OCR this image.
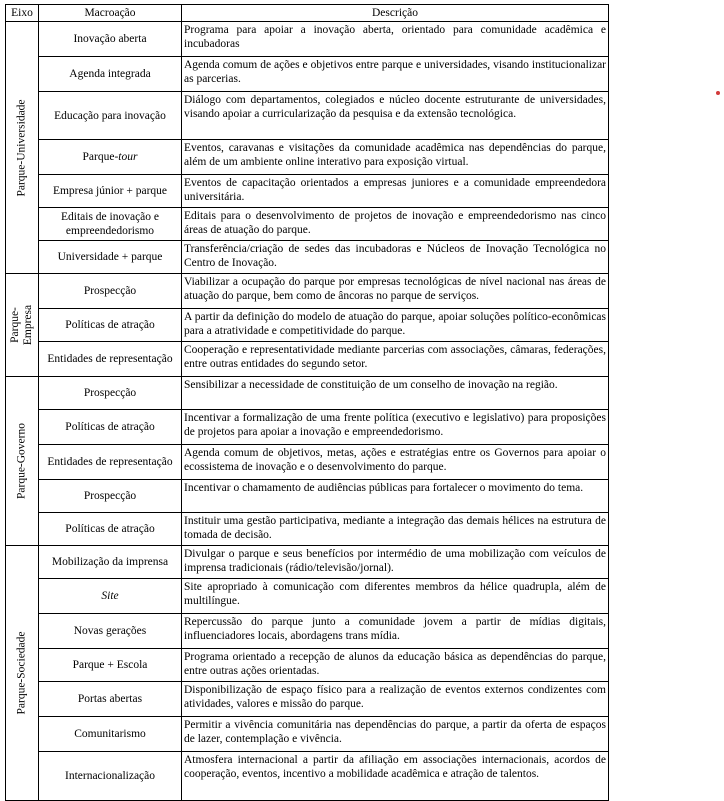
Eixo	Macroação	Descrição

Parque-Universidade	Inovação aberta	Programa para apoiar a inovação aberta, orientado para comunidade acadêmica e incubadoras
	Agenda integrada	Agenda comum de ações e objetivos entre parque e universidades, visando institucionalizar as parcerias.
	Educação para inovação	Diálogo com departamentos, colegiados e núcleo docente estruturante de universidades, visando apoiar a curricularização da pesquisa e da extensão tecnológica.
	Parque-tour	Eventos, caravanas e visitações da comunidade acadêmica nas dependências do parque, além de um ambiente online interativo para exposição virtual.
	Empresa júnior + parque	Eventos de capacitação orientados a empresas juniores e a comunidade empreendedora universitária.
	Editais de inovação e empreendedorismo	Editais para o desenvolvimento de projetos de inovação e empreendedorismo nas cinco áreas de atuação do parque.
	Universidade + parque	Transferência/criação de sedes das incubadoras e Núcleos de Inovação Tecnológica no Centro de Inovação.

Parque-
Empresa	Prospecção	Viabilizar a ocupação do parque por empresas tecnológicas de nível nacional nas áreas de atuação do parque, bem como de âncoras no parque de serviços.
	Políticas de atração	A partir da definição do modelo de atuação do parque, apoiar soluções político-econômicas para a atratividade e competitividade do parque.
	Entidades de representação	Cooperação e representatividade mediante parcerias com associações, câmaras, federações, entre outras entidades do segundo setor.

Parque-Governo	Prospecção	Sensibilizar a necessidade de constituição de um conselho de inovação na região.
	Políticas de atração	Incentivar a formalização de uma frente política (executivo e legislativo) para proposições de projetos para apoiar a inovação e empreendedorismo.
	Entidades de representação	Agenda comum de objetivos, metas, ações e estratégias entre os Governos para apoiar o ecossistema de inovação e o desenvolvimento do parque.
	Prospecção	Incentivar o chamamento de audiências públicas para fortalecer o movimento do tema.
	Políticas de atração	Instituir uma gestão participativa, mediante a integração das demais hélices na estrutura de tomada de decisão.

Parque-Sociedade	Mobilização da imprensa	Divulgar o parque e seus benefícios por intermédio de uma mobilização com veículos de imprensa tradicionais (rádio/televisão/jornal).
	Site	Site apropriado à comunicação com diferentes membros da hélice quadrupla, além de multilíngue.
	Novas gerações	Repercussão do parque junto a comunidade jovem a partir de mídias digitais, influenciadores locais, abordagens trans mídia.
	Parque + Escola	Programa orientado a recepção de alunos da educação básica as dependências do parque, entre outras ações orientadas.
	Portas abertas	Disponibilização de espaço físico para a realização de eventos externos condizentes com atividades, valores e missão do parque.
	Comunitarismo	Permitir a vivência comunitária nas dependências do parque, a partir da oferta de espaços de lazer, contemplação e vivência.
	Internacionalização	Atmosfera internacional a partir da afiliação em associações internacionais, acordos de cooperação, eventos, incentivo a mobilidade acadêmica e atração de talentos.
